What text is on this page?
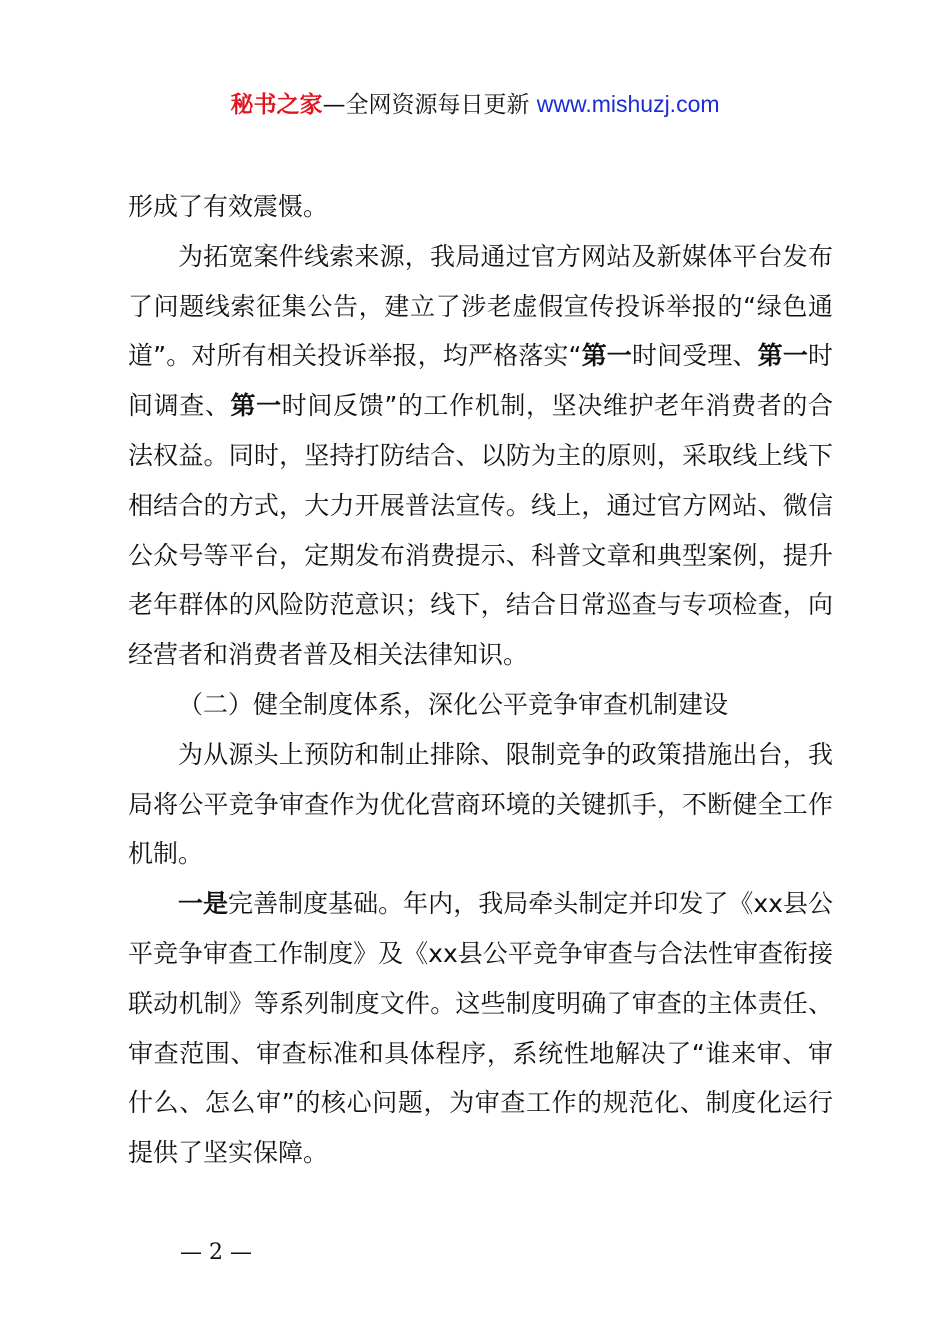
秘书之家—全网资源每日更新 www.mishuzj.com

形成了有效震慑。

为拓宽案件线索来源，我局通过官方网站及新媒体平台发布了问题线索征集公告，建立了涉老虚假宣传投诉举报的“绿色通道”。对所有相关投诉举报，均严格落实“第一时间受理、第一时间调查、第一时间反馈”的工作机制，坚决维护老年消费者的合法权益。同时，坚持打防结合、以防为主的原则，采取线上线下相结合的方式，大力开展普法宣传。线上，通过官方网站、微信公众号等平台，定期发布消费提示、科普文章和典型案例，提升老年群体的风险防范意识；线下，结合日常巡查与专项检查，向经营者和消费者普及相关法律知识。

（二）健全制度体系，深化公平竞争审查机制建设

为从源头上预防和制止排除、限制竞争的政策措施出台，我局将公平竞争审查作为优化营商环境的关键抓手，不断健全工作机制。

一是完善制度基础。年内，我局牵头制定并印发了《xx县公平竞争审查工作制度》及《xx县公平竞争审查与合法性审查衔接联动机制》等系列制度文件。这些制度明确了审查的主体责任、审查范围、审查标准和具体程序，系统性地解决了“谁来审、审什么、怎么审”的核心问题，为审查工作的规范化、制度化运行提供了坚实保障。

— 2 —
